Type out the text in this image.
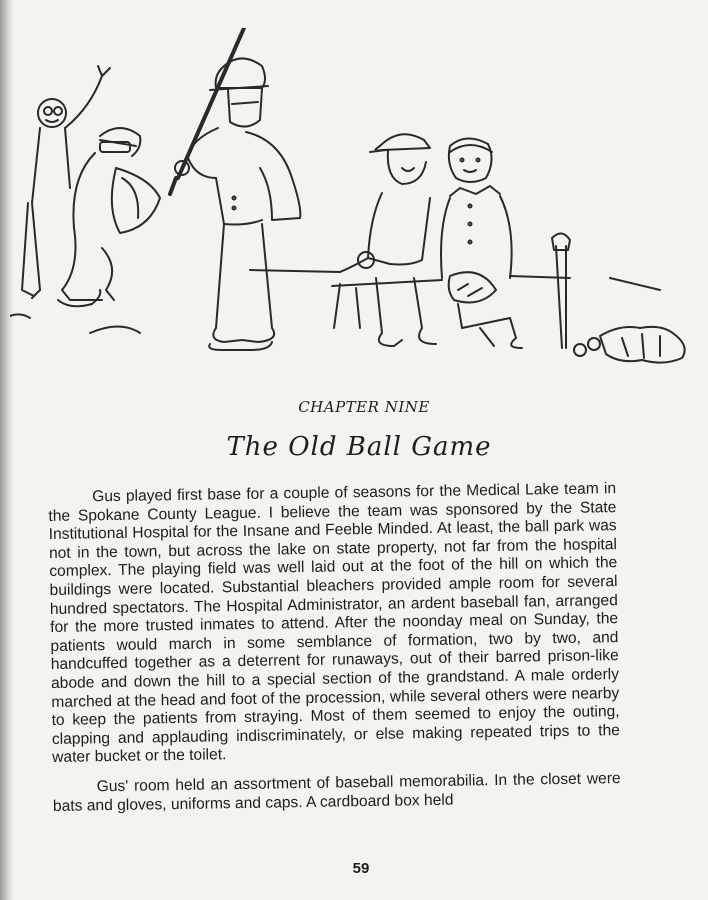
CHAPTER NINE
The Old Ball Game

Gus played first base for a couple of seasons for the Medical Lake team in the Spokane County League. I believe the team was sponsored by the State Institutional Hospital for the Insane and Feeble Minded. At least, the ball park was not in the town, but across the lake on state property, not far from the hospital complex. The playing field was well laid out at the foot of the hill on which the buildings were located. Substantial bleachers provided ample room for several hundred spectators. The Hospital Administrator, an ardent baseball fan, arranged for the more trusted inmates to attend. After the noonday meal on Sunday, the patients would march in some semblance of formation, two by two, and handcuffed together as a deterrent for runaways, out of their barred prison-like abode and down the hill to a special section of the grandstand. A male orderly marched at the head and foot of the procession, while several others were nearby to keep the patients from straying. Most of them seemed to enjoy the outing, clapping and applauding indiscriminately, or else making repeated trips to the water bucket or the toilet.

Gus' room held an assortment of baseball memorabilia. In the closet were bats and gloves, uniforms and caps. A cardboard box held

59
